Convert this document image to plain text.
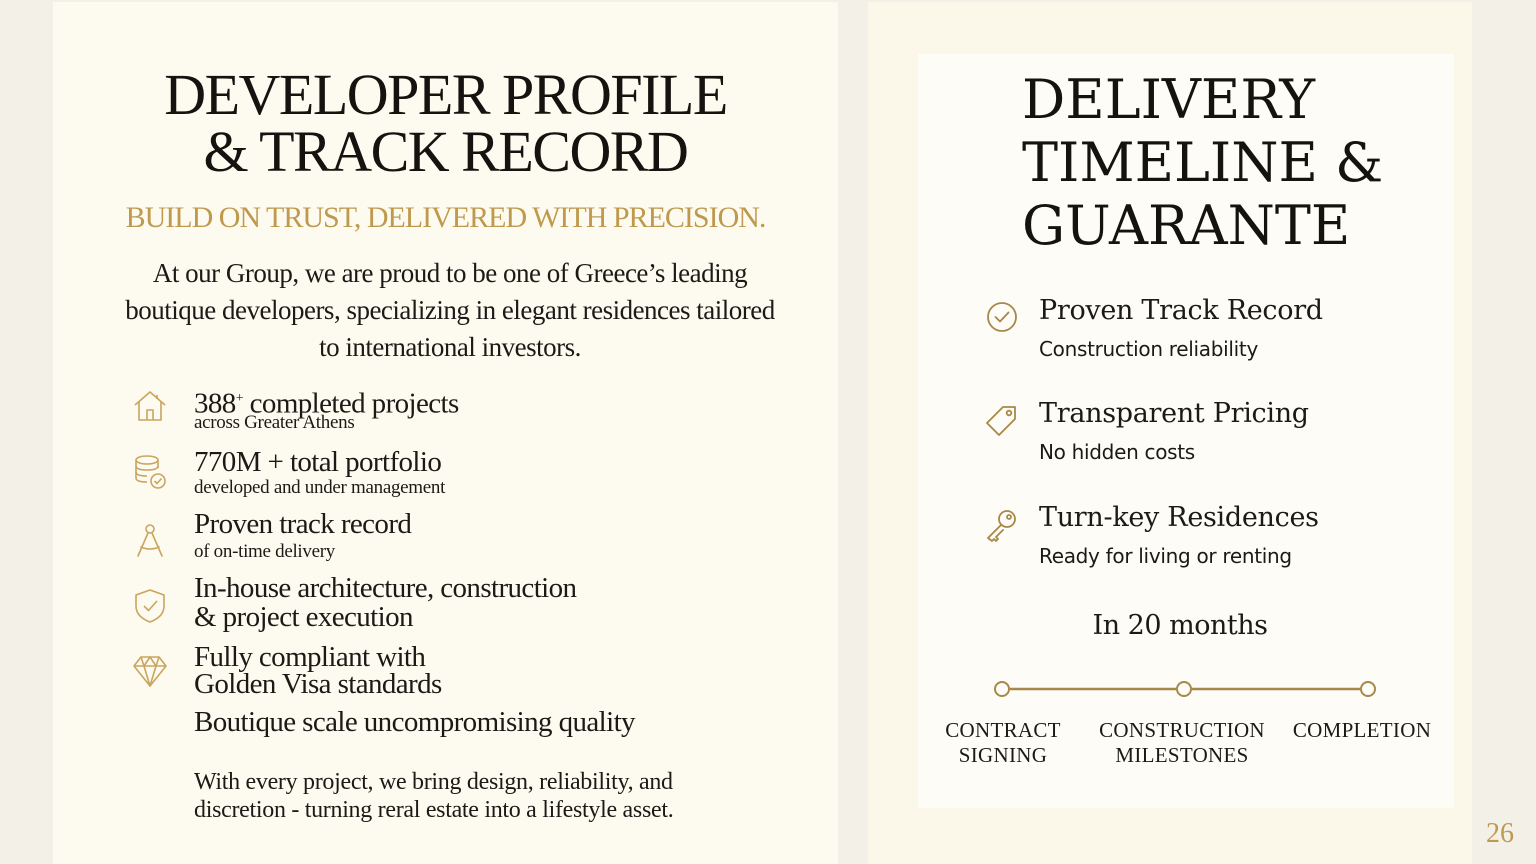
DEVELOPER PROFILE
& TRACK RECORD

BUILD ON TRUST, DELIVERED WITH PRECISION.

At our Group, we are proud to be one of Greece’s leading boutique developers, specializing in elegant residences tailored to international investors.

388+ completed projects
across Greater Athens
770M + total portfolio
developed and under management
Proven track record
of on-time delivery
In-house architecture, construction
& project execution
Fully compliant with
Golden Visa standards
Boutique scale uncompromising quality

With every project, we bring design, reliability, and
discretion - turning reral estate into a lifestyle asset.

DELIVERY
TIMELINE &
GUARANTE
Proven Track Record
Construction reliability
Transparent Pricing
No hidden costs
Turn-key Residences
Ready for living or renting
In 20 months
CONTRACT
SIGNING
CONSTRUCTION
MILESTONES
COMPLETION
26
